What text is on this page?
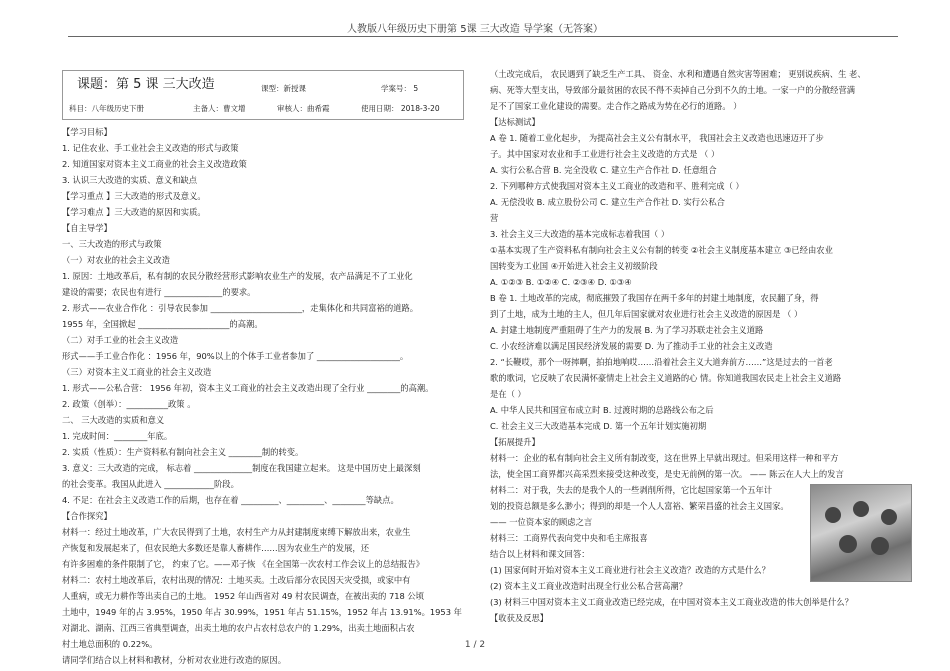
人教版八年级历史下册第 5课 三大改造 导学案（无答案）
课题：第 5 课 三大改造	课型：新授课	学案号： 5
科目：八年级历史下册	主备人：曹文增	审核人：曲希霞	使用日期： 2018-3-20

【学习目标】

1. 记住农业、手工业社会主义改造的形式与政策

2. 知道国家对资本主义工商业的社会主义改造政策

3. 认识三大改造的实质、意义和缺点

【学习重点 】三大改造的形式及意义。

【学习难点 】三大改造的原因和实质。

【自主导学】

一、三大改造的形式与政策

（一）对农业的社会主义改造

1. 原因：土地改革后，私有制的农民分散经营形式影响农业生产的发展，农产品满足不了工业化

建设的需要；农民也有进行 ______________的要求。

2. 形式——农业合作化 ：引导农民参加 ______________________，走集体化和共同富裕的道路。

1955 年，全国掀起 ______________________的高潮。

（二）对手工业的社会主义改造

形式——手工业合作化 ：1956 年，90%以上的个体手工业者参加了 ____________________。

（三）对资本主义工商业的社会主义改造

1. 形式——公私合营： 1956 年初，资本主义工商业的社会主义改造出现了全行业 ________的高潮。

2. 政策（创举）：__________政策 。

二、 三大改造的实质和意义

1. 完成时间：________年底。

2. 实质（性质）：生产资料私有制向社会主义 ________制的转变。

3. 意义：三大改造的完成， 标志着 ______________制度在我国建立起来。 这是中国历史上最深刻

的社会变革。我国从此进入 ____________阶段。

4. 不足：在社会主义改造工作的后期，也存在着 _________、_________、________等缺点。

【合作探究】

材料一：经过土地改革，广大农民得到了土地，农村生产力从封建制度束缚下解放出来，农业生

产恢复和发展起来了，但农民绝大多数还是靠人畜耕作……因为农业生产的发展，还

有许多困难的条件限制了它， 约束了它。——邓子恢 《在全国第一次农村工作会议上的总结报告》

材料二：农村土地改革后，农村出现的情况：土地买卖。土改后部分农民因天灾受损，或家中有

人重病，或无力耕作等出卖自己的土地。 1952 年山西省对 49 村农民调查，在被出卖的 718 公顷

土地中，1949 年的占 3.95%，1950 年占 30.99%，1951 年占 51.15%，1952 年占 13.91%。1953 年

对湖北、湖南、江西三省典型调查，出卖土地的农户占农村总农户的 1.29%，出卖土地面积占农

村土地总面积的 0.22%。

请同学们结合以上材料和教材，分析对农业进行改造的原因。

（土改完成后， 农民遇到了缺乏生产工具、 资金、水利和遭遇自然灾害等困难； 更别说疾病、生 老、

病、死等大型支出，导致部分最贫困的农民不得不卖掉自己分到不久的土地。一家一户的分散经营满

足不了国家工业化建设的需要。走合作之路成为势在必行的道路。 ）

【达标测试】

A 卷 1. 随着工业化起步， 为提高社会主义公有制水平， 我国社会主义改造也迅速迈开了步

子。其中国家对农业和手工业进行社会主义改造的方式是 （ ）

A. 实行公私合营 B. 完全没收 C. 建立生产合作社 D. 任意组合

2. 下列哪种方式使我国对资本主义工商业的改造和平、胜利完成（ ）

A. 无偿没收 B. 成立股份公司 C. 建立生产合作社 D. 实行公私合

营

3. 社会主义三大改造的基本完成标志着我国（ ）

①基本实现了生产资料私有制向社会主义公有制的转变 ②社会主义制度基本建立 ③已经由农业

国转变为工业国 ④开始进入社会主义初级阶段

A. ①②③ B. ①②④ C. ②③④ D. ①③④

B 卷 1. 土地改革的完成，彻底摧毁了我国存在两千多年的封建土地制度，农民翻了身，得

到了土地，成为土地的主人，但几年后国家就对农业进行社会主义改造的原因是 （ ）

A. 封建土地制度严重阻碍了生产力的发展 B. 为了学习苏联走社会主义道路

C. 小农经济难以满足国民经济发展的需要 D. 为了推动手工业的社会主义改造

2. “长鞭哎，那个一呀摔啊，拍拍地响哎……沿着社会主义大道奔前方……”这是过去的一首老

歌的歌词，它反映了农民满怀豪情走上社会主义道路的心 情。你知道我国农民走上社会主义道路

是在（ ）

A. 中华人民共和国宣布成立时 B. 过渡时期的总路线公布之后

C. 社会主义三大改造基本完成 D. 第一个五年计划实施初期

【拓展提升】

材料一：企业的私有制向社会主义所有制改变，这在世界上早就出现过。但采用这样一种和平方

法，使全国工商界都兴高采烈来接受这种改变，是史无前例的第一次。 —— 陈云在人大上的发言

材料二：对于我，失去的是我个人的一些剥削所得，它比起国家第一个五年计

划的投资总额是多么渺小；得到的却是一个人人富裕、繁荣昌盛的社会主义国家。

—— 一位资本家的顾虑之言

材料三：工商界代表向党中央和毛主席报喜

结合以上材料和课文回答：

(1) 国家何时开始对资本主义工商业进行社会主义改造？改造的方式是什么？

(2) 资本主义工商业改造时出现全行业公私合营高潮？

(3) 材料三中国对资本主义工商业改造已经完成，在中国对资本主义工商业改造的伟大创举是什么？

【收获及反思】

1 / 2
